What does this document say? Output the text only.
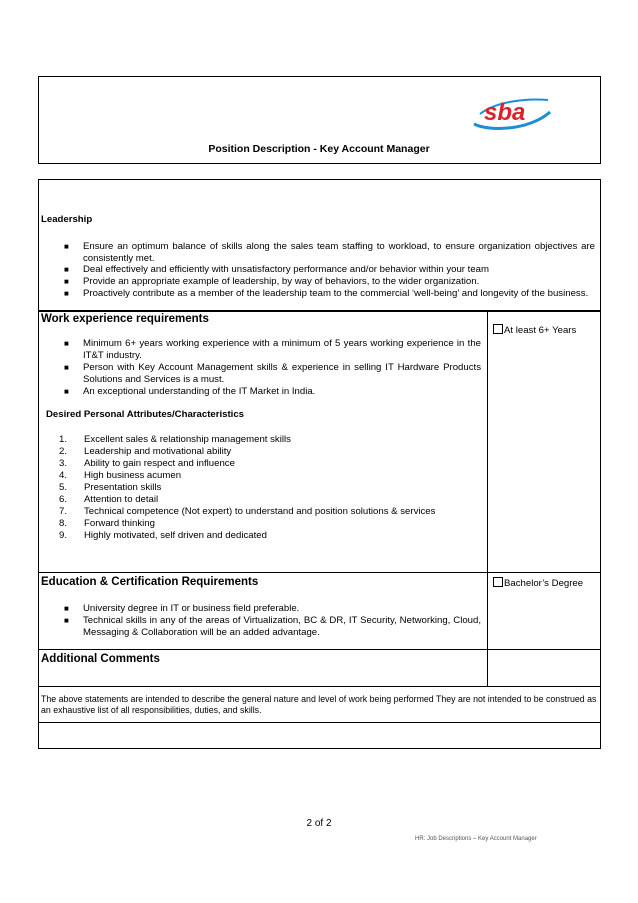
sba
Position Description - Key Account Manager
Leadership
■ Ensure an optimum balance of skills along the sales team staffing to workload, to ensure organization objectives are consistently met.
■ Deal effectively and efficiently with unsatisfactory performance and/or behavior within your team
■ Provide an appropriate example of leadership, by way of behaviors, to the wider organization.
■ Proactively contribute as a member of the leadership team to the commercial ‘well-being’ and longevity of the business.
Work experience requirements
At least 6+ Years
■ Minimum 6+ years working experience with a minimum of 5 years working experience in the IT&T industry.
■ Person with Key Account Management skills & experience in selling IT Hardware Products Solutions and Services is a must.
■ An exceptional understanding of the IT Market in India.
Desired Personal Attributes/Characteristics
1. Excellent sales & relationship management skills
2. Leadership and motivational ability
3. Ability to gain respect and influence
4. High business acumen
5. Presentation skills
6. Attention to detail
7. Technical competence (Not expert) to understand and position solutions & services
8. Forward thinking
9. Highly motivated, self driven and dedicated
Education & Certification Requirements	Bachelor’s Degree
■ University degree in IT or business field preferable.
■ Technical skills in any of the areas of Virtualization, BC & DR, IT Security, Networking, Cloud, Messaging & Collaboration will be an added advantage.
Additional Comments
The above statements are intended to describe the general nature and level of work being performed They are not intended to be construed as an exhaustive list of all responsibilities, duties, and skills.
2 of 2
HR: Job Descriptions – Key Account Manager
